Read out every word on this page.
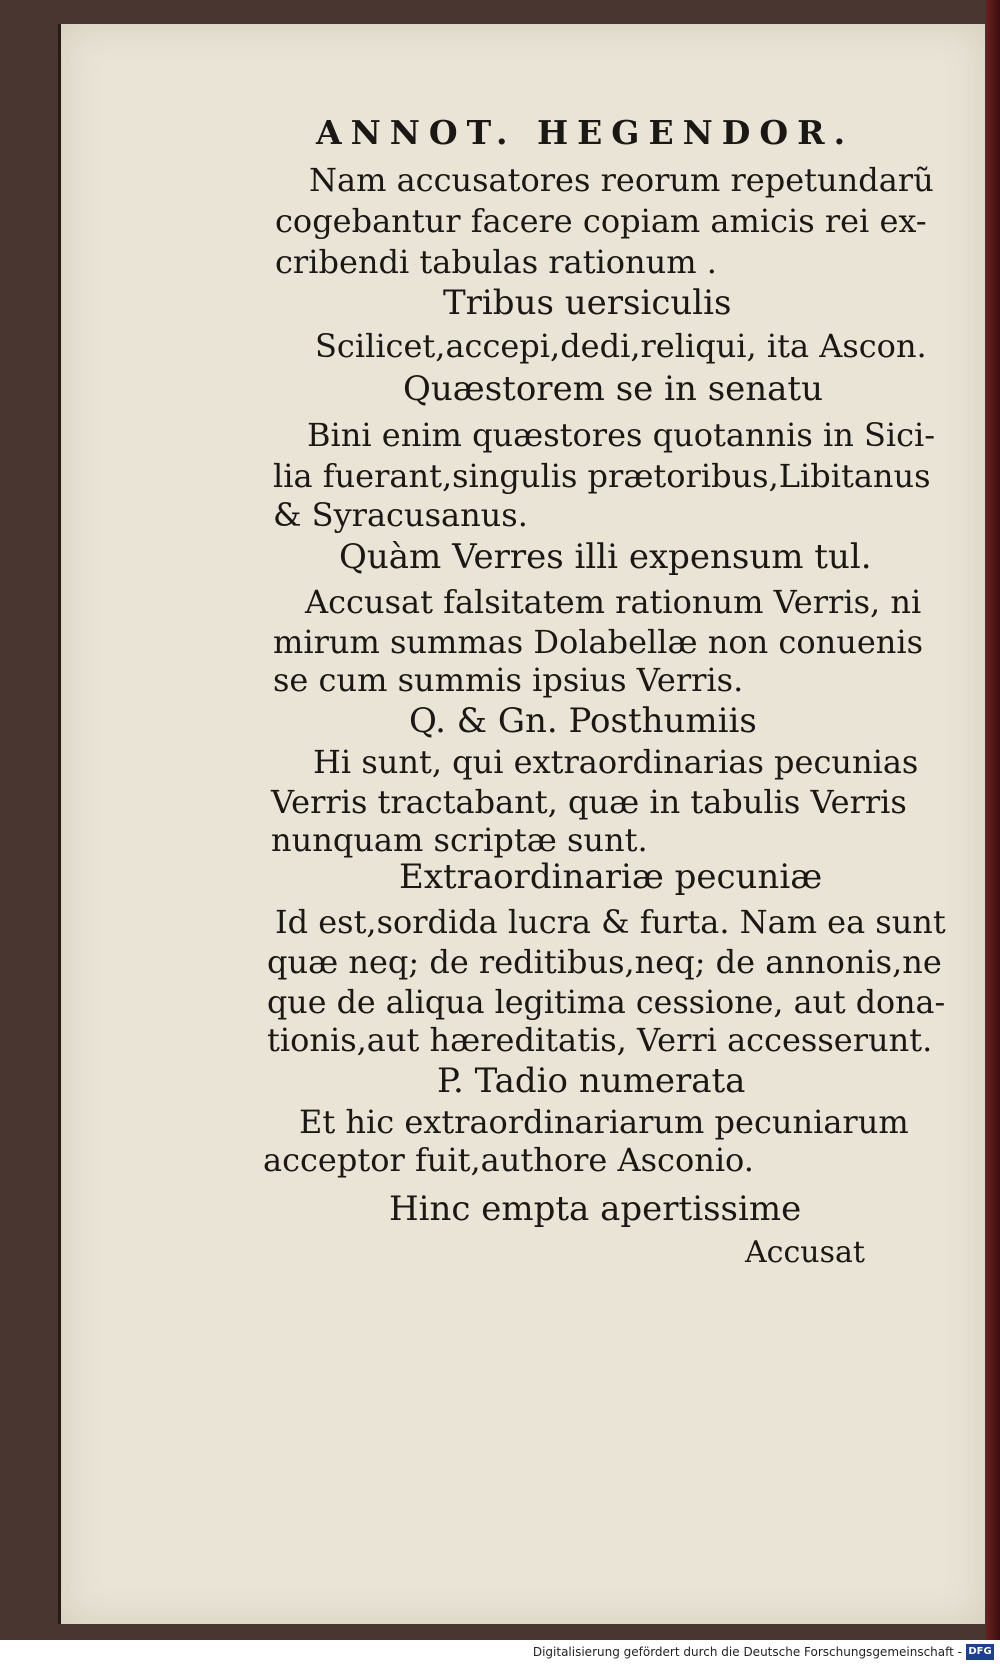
ANNOT. HEGENDOR.
Nam accusatores reorum repetundarũ
cogebantur facere copiam amicis rei ex-
cribendi tabulas rationum .
Tribus uersiculis
Scilicet,accepi,dedi,reliqui, ita Ascon.
Quæstorem se in senatu
Bini enim quæstores quotannis in Sici-
lia fuerant,singulis prætoribus,Libitanus
& Syracusanus.
Quàm Verres illi expensum tul.
Accusat falsitatem rationum Verris, ni
mirum summas Dolabellæ non conuenis
se cum summis ipsius Verris.
Q. & Gn. Posthumiis
Hi sunt, qui extraordinarias pecunias
Verris tractabant, quæ in tabulis Verris
nunquam scriptæ sunt.
Extraordinariæ pecuniæ
Id est,sordida lucra & furta. Nam ea sunt
quæ neq; de reditibus,neq; de annonis,ne
que de aliqua legitima cessione, aut dona-
tionis,aut hæreditatis, Verri accesserunt.
P. Tadio numerata
Et hic extraordinariarum pecuniarum
acceptor fuit,authore Asconio.
Hinc empta apertissime
Accusat
Digitalisierung gefördert durch die Deutsche Forschungsgemeinschaft - DFG
